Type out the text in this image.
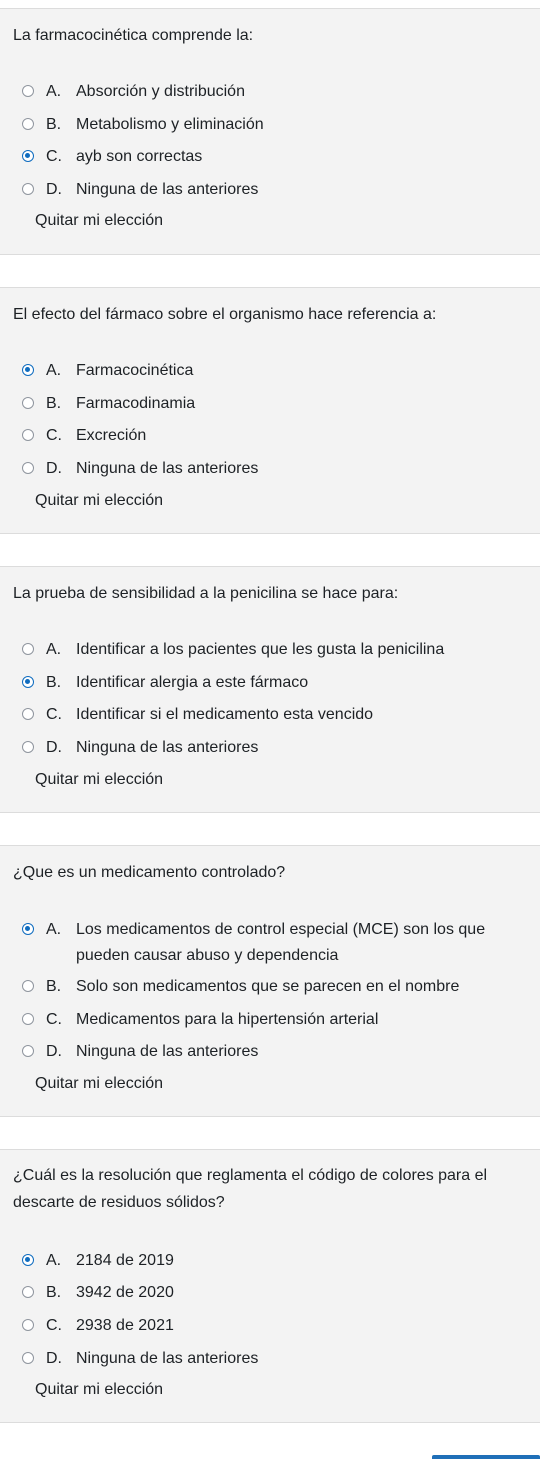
La farmacocinética comprende la:
A. Absorción y distribución
B. Metabolismo y eliminación
C. ayb son correctas
D. Ninguna de las anteriores
Quitar mi elección
El efecto del fármaco sobre el organismo hace referencia a:
A. Farmacocinética
B. Farmacodinamia
C. Excreción
D. Ninguna de las anteriores
Quitar mi elección
La prueba de sensibilidad a la penicilina se hace para:
A. Identificar a los pacientes que les gusta la penicilina
B. Identificar alergia a este fármaco
C. Identificar si el medicamento esta vencido
D. Ninguna de las anteriores
Quitar mi elección
¿Que es un medicamento controlado?
A. Los medicamentos de control especial (MCE) son los que pueden causar abuso y dependencia
B. Solo son medicamentos que se parecen en el nombre
C. Medicamentos para la hipertensión arterial
D. Ninguna de las anteriores
Quitar mi elección
¿Cuál es la resolución que reglamenta el código de colores para el descarte de residuos sólidos?
A. 2184 de 2019
B. 3942 de 2020
C. 2938 de 2021
D. Ninguna de las anteriores
Quitar mi elección
